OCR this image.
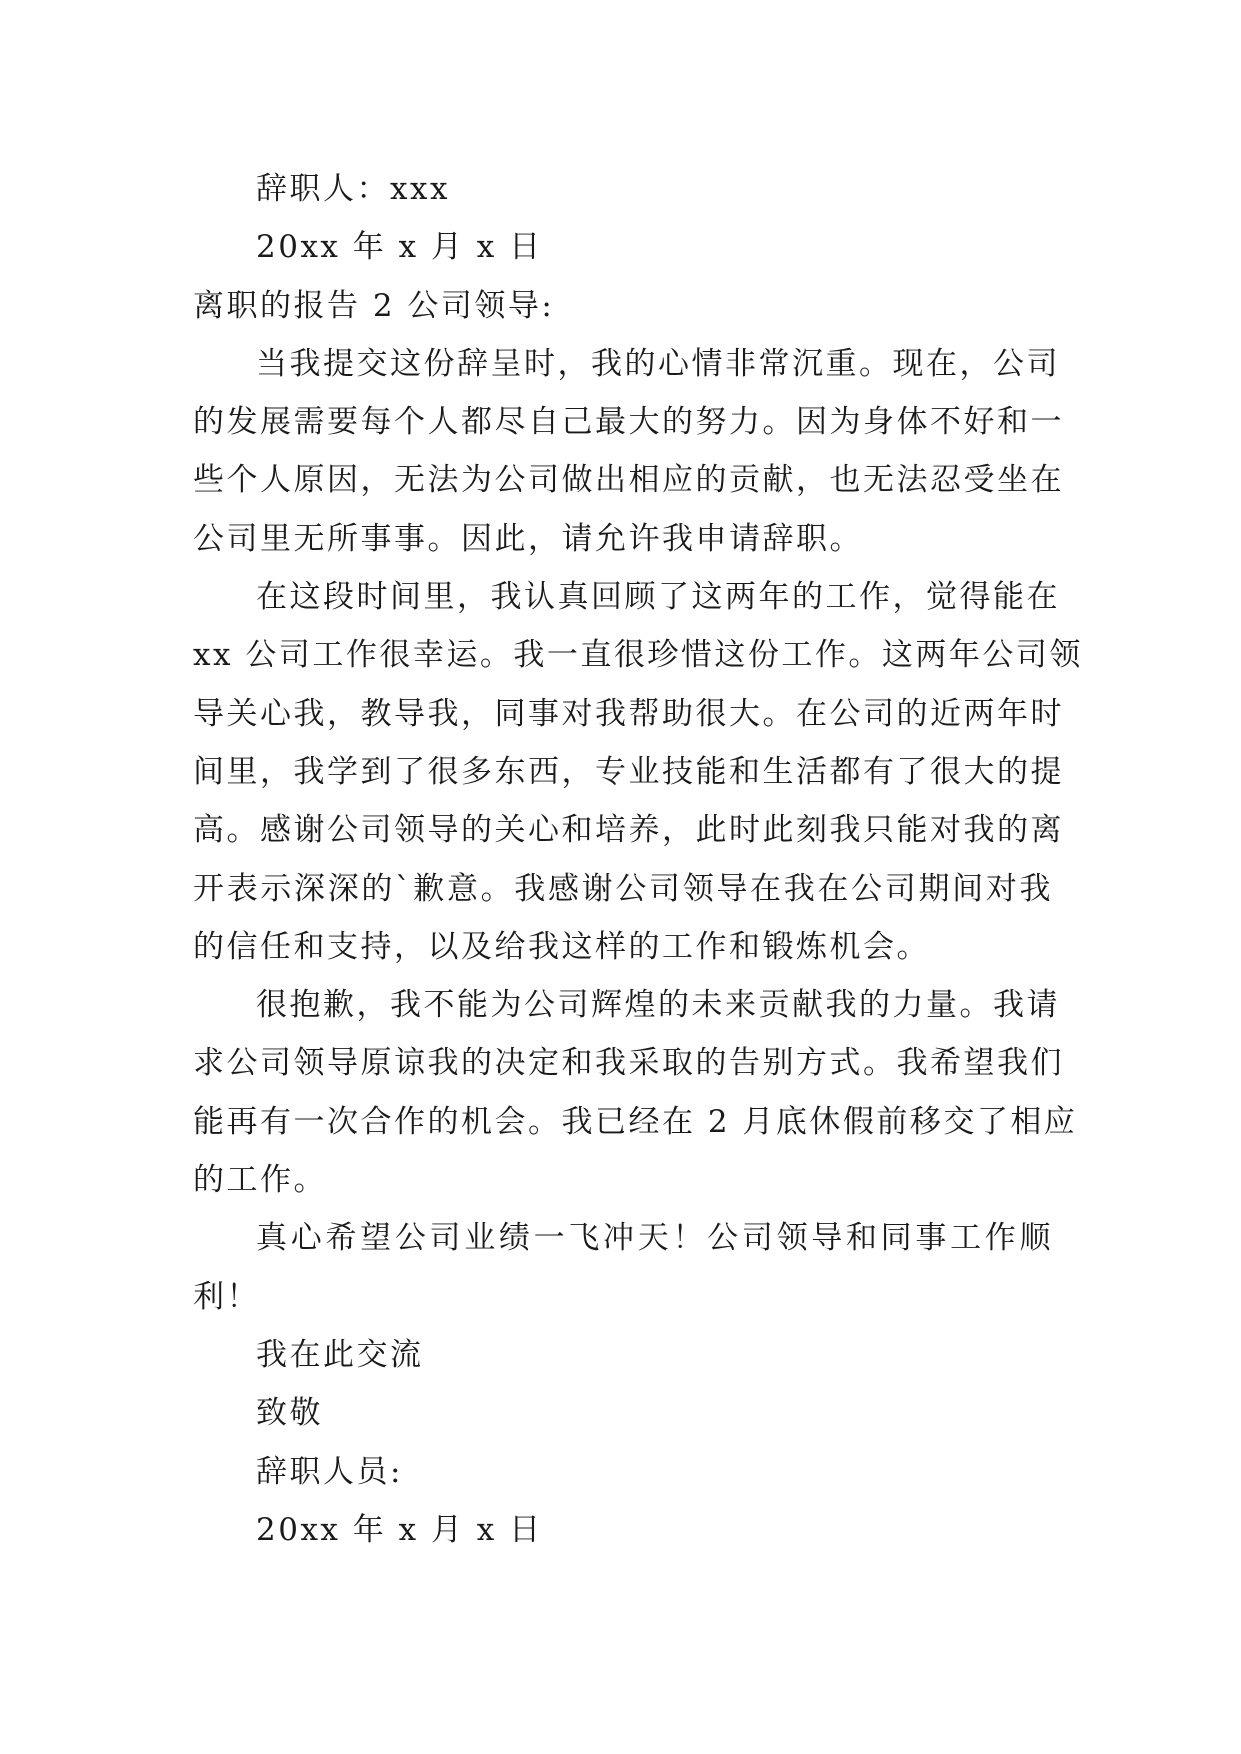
辞职人：xxx
20xx 年 x 月 x 日
离职的报告 2 公司领导:
当我提交这份辞呈时，我的心情非常沉重。现在，公司
的发展需要每个人都尽自己最大的努力。因为身体不好和一
些个人原因，无法为公司做出相应的贡献，也无法忍受坐在
公司里无所事事。因此，请允许我申请辞职。
在这段时间里，我认真回顾了这两年的工作，觉得能在
xx 公司工作很幸运。我一直很珍惜这份工作。这两年公司领
导关心我，教导我，同事对我帮助很大。在公司的近两年时
间里，我学到了很多东西，专业技能和生活都有了很大的提
高。感谢公司领导的关心和培养，此时此刻我只能对我的离
开表示深深的`歉意。我感谢公司领导在我在公司期间对我
的信任和支持，以及给我这样的工作和锻炼机会。
很抱歉，我不能为公司辉煌的未来贡献我的力量。我请
求公司领导原谅我的决定和我采取的告别方式。我希望我们
能再有一次合作的机会。我已经在 2 月底休假前移交了相应
的工作。
真心希望公司业绩一飞冲天！公司领导和同事工作顺
利！
我在此交流
致敬
辞职人员:
20xx 年 x 月 x 日
